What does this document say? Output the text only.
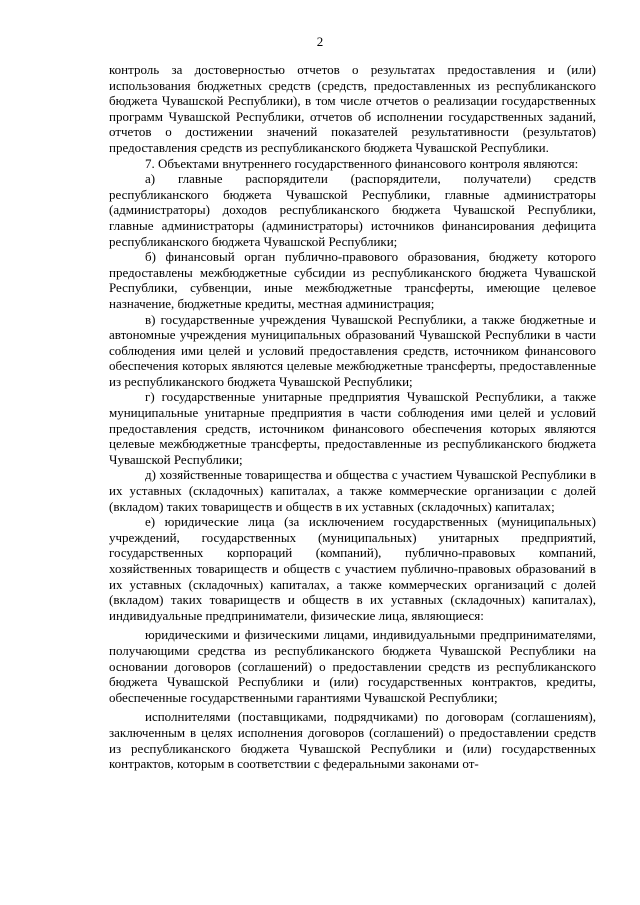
2

контроль за достоверностью отчетов о результатах предоставления и (или) использования бюджетных средств (средств, предоставленных из республиканского бюджета Чувашской Республики), в том числе отчетов о реализации государственных программ Чувашской Республики, отчетов об исполнении государственных заданий, отчетов о достижении значений показателей результативности (результатов) предоставления средств из республиканского бюджета Чувашской Республики.

7. Объектами внутреннего государственного финансового контроля являются:

а) главные распорядители (распорядители, получатели) средств республиканского бюджета Чувашской Республики, главные администраторы (администраторы) доходов республиканского бюджета Чувашской Республики, главные администраторы (администраторы) источников финансирования дефицита республиканского бюджета Чувашской Республики;

б) финансовый орган публично-правового образования, бюджету которого предоставлены межбюджетные субсидии из республиканского бюджета Чувашской Республики, субвенции, иные межбюджетные трансферты, имеющие целевое назначение, бюджетные кредиты, местная администрация;

в) государственные учреждения Чувашской Республики, а также бюджетные и автономные учреждения муниципальных образований Чувашской Республики в части соблюдения ими целей и условий предоставления средств, источником финансового обеспечения которых являются целевые межбюджетные трансферты, предоставленные из республиканского бюджета Чувашской Республики;

г) государственные унитарные предприятия Чувашской Республики, а также муниципальные унитарные предприятия в части соблюдения ими целей и условий предоставления средств, источником финансового обеспечения которых являются целевые межбюджетные трансферты, предоставленные из республиканского бюджета Чувашской Республики;

д) хозяйственные товарищества и общества с участием Чувашской Республики в их уставных (складочных) капиталах, а также коммерческие организации с долей (вкладом) таких товариществ и обществ в их уставных (складочных) капиталах;

е) юридические лица (за исключением государственных (муниципальных) учреждений, государственных (муниципальных) унитарных предприятий, государственных корпораций (компаний), публично-правовых компаний, хозяйственных товариществ и обществ с участием публично-правовых образований в их уставных (складочных) капиталах, а также коммерческих организаций с долей (вкладом) таких товариществ и обществ в их уставных (складочных) капиталах), индивидуальные предприниматели, физические лица, являющиеся:

юридическими и физическими лицами, индивидуальными предпринимателями, получающими средства из республиканского бюджета Чувашской Республики на основании договоров (соглашений) о предоставлении средств из республиканского бюджета Чувашской Республики и (или) государственных контрактов, кредиты, обеспеченные государственными гарантиями Чувашской Республики;

исполнителями (поставщиками, подрядчиками) по договорам (соглашениям), заключенным в целях исполнения договоров (соглашений) о предоставлении средств из республиканского бюджета Чувашской Республики и (или) государственных контрактов, которым в соответствии с федеральными законами от-
